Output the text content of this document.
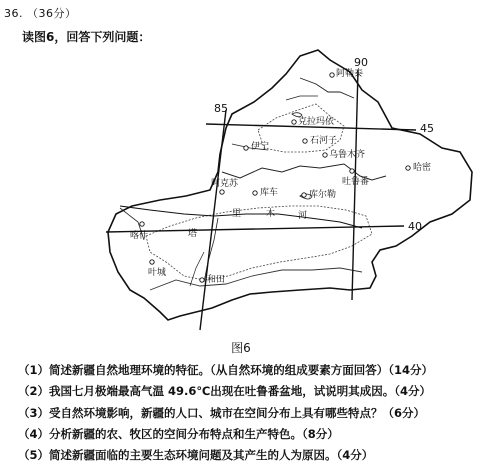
36. （36分）
读图6，回答下列问题：
85
90
45
40
阿勒泰
克拉玛依
伊宁
石河子
乌鲁木齐
吐鲁番
哈密
阿克苏
库车	库尔勒
喀什
叶城
和田
塔
里	木	河
图6
（1）简述新疆自然地理环境的特征。（从自然环境的组成要素方面回答）（14分）
（2）我国七月极端最高气温 49.6℃出现在吐鲁番盆地，试说明其成因。（4分）
（3）受自然环境影响，新疆的人口、城市在空间分布上具有哪些特点？（6分）
（4）分析新疆的农、牧区的空间分布特点和生产特色。（8分）
（5）简述新疆面临的主要生态环境问题及其产生的人为原因。（4分）
